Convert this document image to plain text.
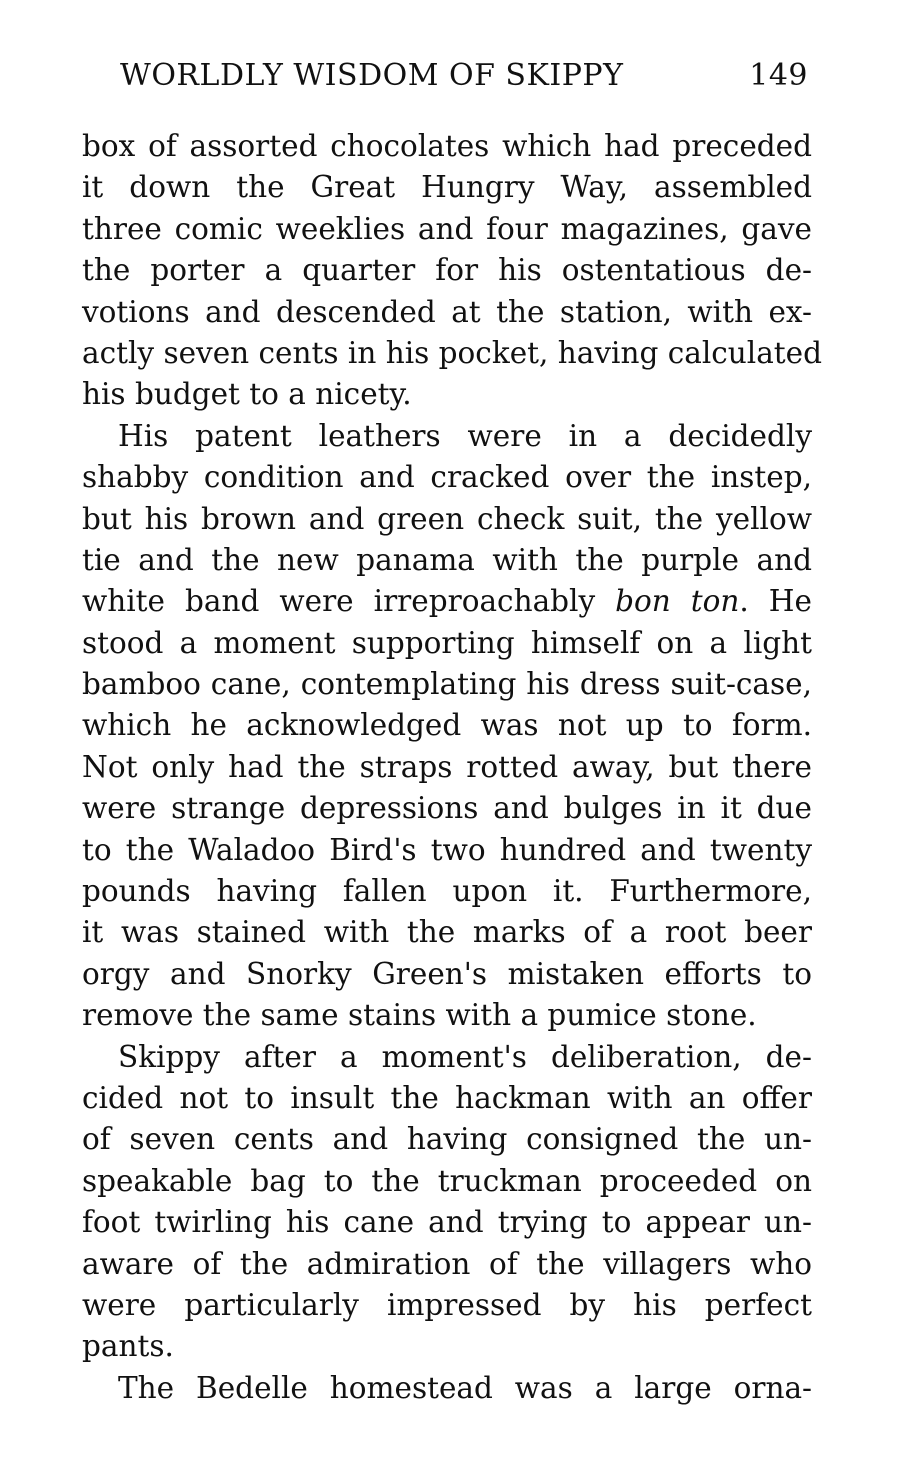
WORLDLY WISDOM OF SKIPPY	149

box of assorted chocolates which had preceded
it down the Great Hungry Way, assembled
three comic weeklies and four magazines, gave
the porter a quarter for his ostentatious de-
votions and descended at the station, with ex-
actly seven cents in his pocket, having calculated
his budget to a nicety.

His patent leathers were in a decidedly
shabby condition and cracked over the instep,
but his brown and green check suit, the yellow
tie and the new panama with the purple and
white band were irreproachably bon ton. He
stood a moment supporting himself on a light
bamboo cane, contemplating his dress suit-case,
which he acknowledged was not up to form.
Not only had the straps rotted away, but there
were strange depressions and bulges in it due
to the Waladoo Bird's two hundred and twenty
pounds having fallen upon it. Furthermore,
it was stained with the marks of a root beer
orgy and Snorky Green's mistaken efforts to
remove the same stains with a pumice stone.

Skippy after a moment's deliberation, de-
cided not to insult the hackman with an offer
of seven cents and having consigned the un-
speakable bag to the truckman proceeded on
foot twirling his cane and trying to appear un-
aware of the admiration of the villagers who
were particularly impressed by his perfect
pants.

The Bedelle homestead was a large orna-
